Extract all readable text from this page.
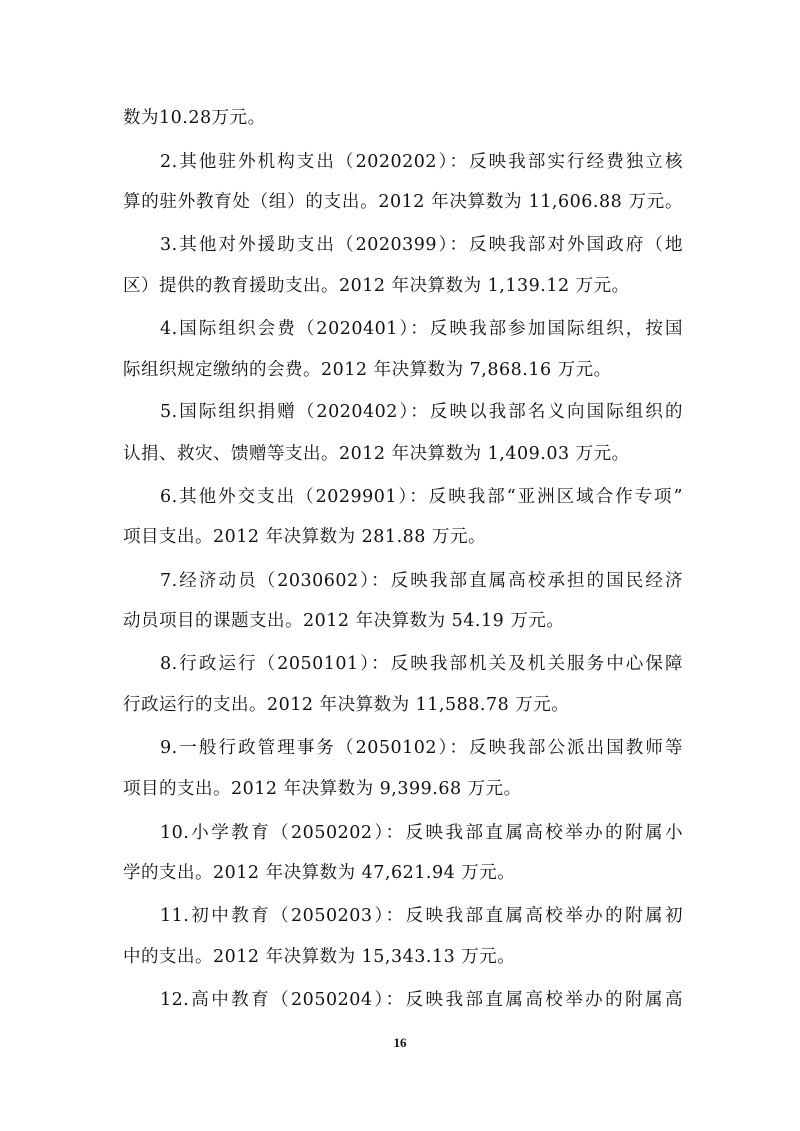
数为10.28万元。
2.其他驻外机构支出（2020202）：反映我部实行经费独立核
算的驻外教育处（组）的支出。2012 年决算数为 11,606.88 万元。
3.其他对外援助支出（2020399）：反映我部对外国政府（地
区）提供的教育援助支出。2012 年决算数为 1,139.12 万元。
4.国际组织会费（2020401）：反映我部参加国际组织，按国
际组织规定缴纳的会费。2012 年决算数为 7,868.16 万元。
5.国际组织捐赠（2020402）：反映以我部名义向国际组织的
认捐、救灾、馈赠等支出。2012 年决算数为 1,409.03 万元。
6.其他外交支出（2029901）：反映我部“亚洲区域合作专项”
项目支出。2012 年决算数为 281.88 万元。
7.经济动员（2030602）：反映我部直属高校承担的国民经济
动员项目的课题支出。2012 年决算数为 54.19 万元。
8.行政运行（2050101）：反映我部机关及机关服务中心保障
行政运行的支出。2012 年决算数为 11,588.78 万元。
9.一般行政管理事务（2050102）：反映我部公派出国教师等
项目的支出。2012 年决算数为 9,399.68 万元。
10.小学教育（2050202）：反映我部直属高校举办的附属小
学的支出。2012 年决算数为 47,621.94 万元。
11.初中教育（2050203）：反映我部直属高校举办的附属初
中的支出。2012 年决算数为 15,343.13 万元。
12.高中教育（2050204）：反映我部直属高校举办的附属高
16
